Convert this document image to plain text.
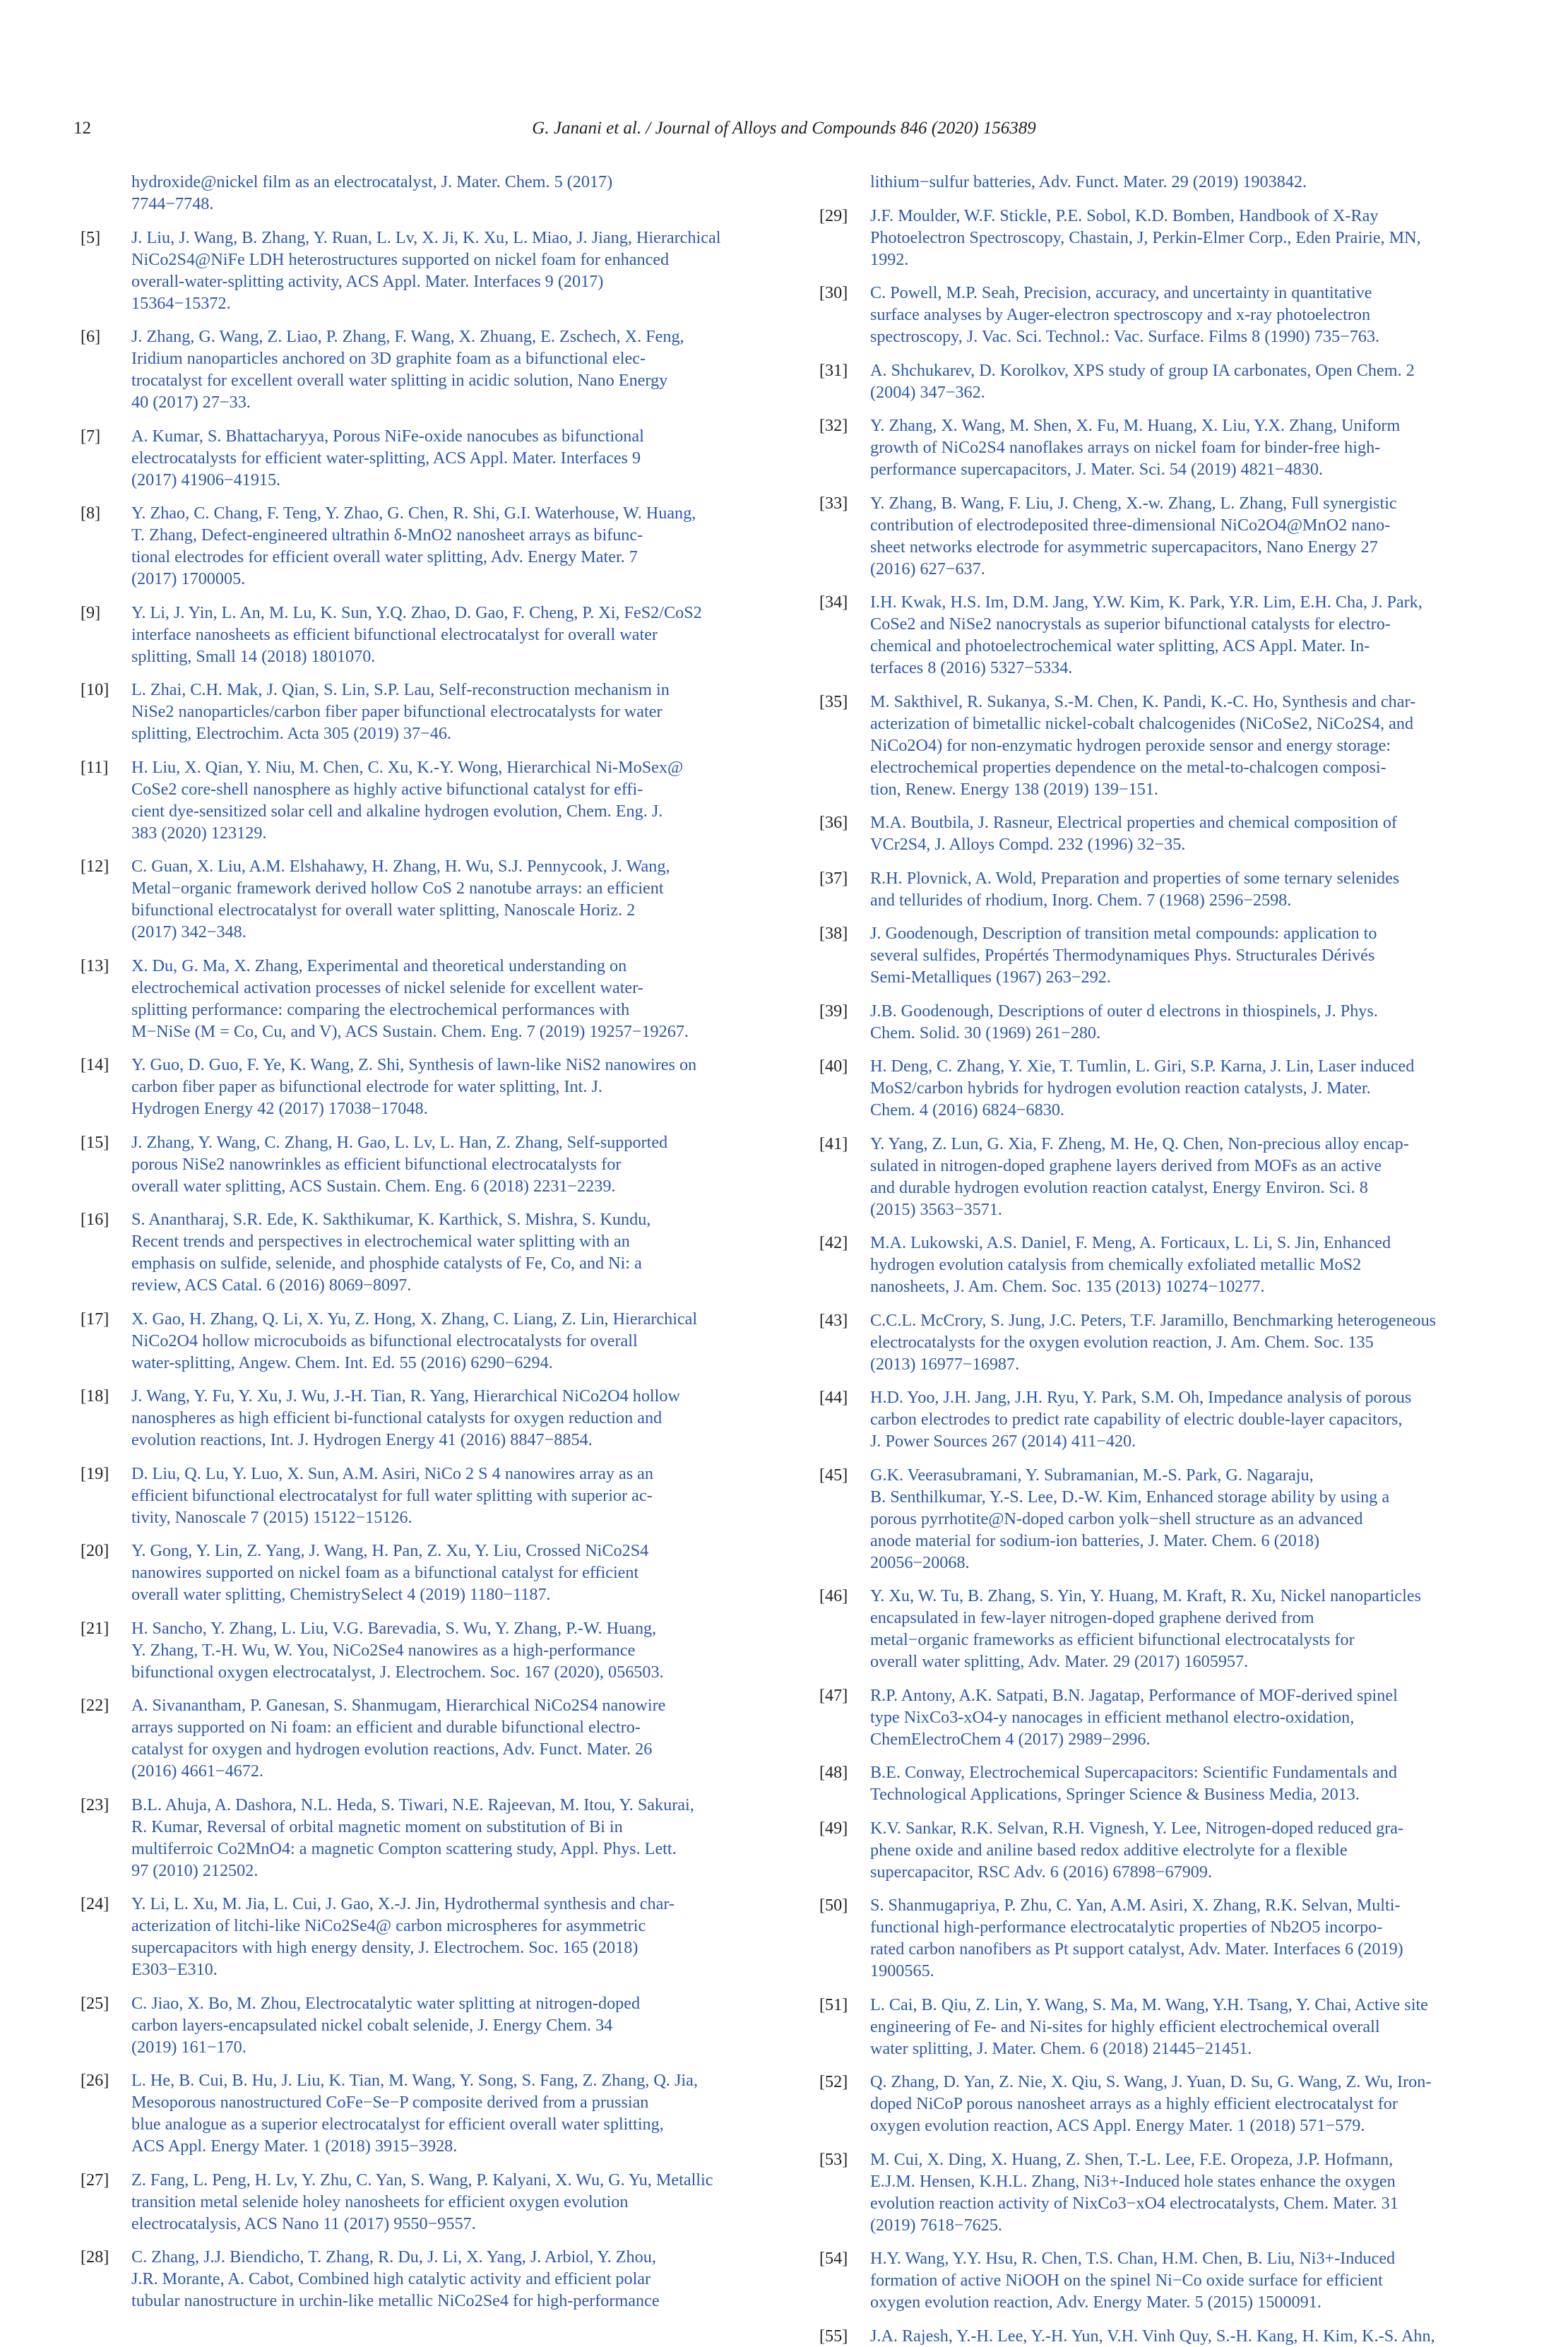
12	G. Janani et al. / Journal of Alloys and Compounds 846 (2020) 156389
hydroxide@nickel film as an electrocatalyst, J. Mater. Chem. 5 (2017)
7744−7748.
[5]	J. Liu, J. Wang, B. Zhang, Y. Ruan, L. Lv, X. Ji, K. Xu, L. Miao, J. Jiang, Hierarchical
NiCo2S4@NiFe LDH heterostructures supported on nickel foam for enhanced
overall-water-splitting activity, ACS Appl. Mater. Interfaces 9 (2017)
15364−15372.
[6]	J. Zhang, G. Wang, Z. Liao, P. Zhang, F. Wang, X. Zhuang, E. Zschech, X. Feng,
Iridium nanoparticles anchored on 3D graphite foam as a bifunctional elec-
trocatalyst for excellent overall water splitting in acidic solution, Nano Energy
40 (2017) 27−33.
[7]	A. Kumar, S. Bhattacharyya, Porous NiFe-oxide nanocubes as bifunctional
electrocatalysts for efficient water-splitting, ACS Appl. Mater. Interfaces 9
(2017) 41906−41915.
[8]	Y. Zhao, C. Chang, F. Teng, Y. Zhao, G. Chen, R. Shi, G.I. Waterhouse, W. Huang,
T. Zhang, Defect-engineered ultrathin δ-MnO2 nanosheet arrays as bifunc-
tional electrodes for efficient overall water splitting, Adv. Energy Mater. 7
(2017) 1700005.
[9]	Y. Li, J. Yin, L. An, M. Lu, K. Sun, Y.Q. Zhao, D. Gao, F. Cheng, P. Xi, FeS2/CoS2
interface nanosheets as efficient bifunctional electrocatalyst for overall water
splitting, Small 14 (2018) 1801070.
[10]	L. Zhai, C.H. Mak, J. Qian, S. Lin, S.P. Lau, Self-reconstruction mechanism in
NiSe2 nanoparticles/carbon fiber paper bifunctional electrocatalysts for water
splitting, Electrochim. Acta 305 (2019) 37−46.
[11]	H. Liu, X. Qian, Y. Niu, M. Chen, C. Xu, K.-Y. Wong, Hierarchical Ni-MoSex@
CoSe2 core-shell nanosphere as highly active bifunctional catalyst for effi-
cient dye-sensitized solar cell and alkaline hydrogen evolution, Chem. Eng. J.
383 (2020) 123129.
[12]	C. Guan, X. Liu, A.M. Elshahawy, H. Zhang, H. Wu, S.J. Pennycook, J. Wang,
Metal−organic framework derived hollow CoS 2 nanotube arrays: an efficient
bifunctional electrocatalyst for overall water splitting, Nanoscale Horiz. 2
(2017) 342−348.
[13]	X. Du, G. Ma, X. Zhang, Experimental and theoretical understanding on
electrochemical activation processes of nickel selenide for excellent water-
splitting performance: comparing the electrochemical performances with
M−NiSe (M = Co, Cu, and V), ACS Sustain. Chem. Eng. 7 (2019) 19257−19267.
[14]	Y. Guo, D. Guo, F. Ye, K. Wang, Z. Shi, Synthesis of lawn-like NiS2 nanowires on
carbon fiber paper as bifunctional electrode for water splitting, Int. J.
Hydrogen Energy 42 (2017) 17038−17048.
[15]	J. Zhang, Y. Wang, C. Zhang, H. Gao, L. Lv, L. Han, Z. Zhang, Self-supported
porous NiSe2 nanowrinkles as efficient bifunctional electrocatalysts for
overall water splitting, ACS Sustain. Chem. Eng. 6 (2018) 2231−2239.
[16]	S. Anantharaj, S.R. Ede, K. Sakthikumar, K. Karthick, S. Mishra, S. Kundu,
Recent trends and perspectives in electrochemical water splitting with an
emphasis on sulfide, selenide, and phosphide catalysts of Fe, Co, and Ni: a
review, ACS Catal. 6 (2016) 8069−8097.
[17]	X. Gao, H. Zhang, Q. Li, X. Yu, Z. Hong, X. Zhang, C. Liang, Z. Lin, Hierarchical
NiCo2O4 hollow microcuboids as bifunctional electrocatalysts for overall
water-splitting, Angew. Chem. Int. Ed. 55 (2016) 6290−6294.
[18]	J. Wang, Y. Fu, Y. Xu, J. Wu, J.-H. Tian, R. Yang, Hierarchical NiCo2O4 hollow
nanospheres as high efficient bi-functional catalysts for oxygen reduction and
evolution reactions, Int. J. Hydrogen Energy 41 (2016) 8847−8854.
[19]	D. Liu, Q. Lu, Y. Luo, X. Sun, A.M. Asiri, NiCo 2 S 4 nanowires array as an
efficient bifunctional electrocatalyst for full water splitting with superior ac-
tivity, Nanoscale 7 (2015) 15122−15126.
[20]	Y. Gong, Y. Lin, Z. Yang, J. Wang, H. Pan, Z. Xu, Y. Liu, Crossed NiCo2S4
nanowires supported on nickel foam as a bifunctional catalyst for efficient
overall water splitting, ChemistrySelect 4 (2019) 1180−1187.
[21]	H. Sancho, Y. Zhang, L. Liu, V.G. Barevadia, S. Wu, Y. Zhang, P.-W. Huang,
Y. Zhang, T.-H. Wu, W. You, NiCo2Se4 nanowires as a high-performance
bifunctional oxygen electrocatalyst, J. Electrochem. Soc. 167 (2020), 056503.
[22]	A. Sivanantham, P. Ganesan, S. Shanmugam, Hierarchical NiCo2S4 nanowire
arrays supported on Ni foam: an efficient and durable bifunctional electro-
catalyst for oxygen and hydrogen evolution reactions, Adv. Funct. Mater. 26
(2016) 4661−4672.
[23]	B.L. Ahuja, A. Dashora, N.L. Heda, S. Tiwari, N.E. Rajeevan, M. Itou, Y. Sakurai,
R. Kumar, Reversal of orbital magnetic moment on substitution of Bi in
multiferroic Co2MnO4: a magnetic Compton scattering study, Appl. Phys. Lett.
97 (2010) 212502.
[24]	Y. Li, L. Xu, M. Jia, L. Cui, J. Gao, X.-J. Jin, Hydrothermal synthesis and char-
acterization of litchi-like NiCo2Se4@ carbon microspheres for asymmetric
supercapacitors with high energy density, J. Electrochem. Soc. 165 (2018)
E303−E310.
[25]	C. Jiao, X. Bo, M. Zhou, Electrocatalytic water splitting at nitrogen-doped
carbon layers-encapsulated nickel cobalt selenide, J. Energy Chem. 34
(2019) 161−170.
[26]	L. He, B. Cui, B. Hu, J. Liu, K. Tian, M. Wang, Y. Song, S. Fang, Z. Zhang, Q. Jia,
Mesoporous nanostructured CoFe−Se−P composite derived from a prussian
blue analogue as a superior electrocatalyst for efficient overall water splitting,
ACS Appl. Energy Mater. 1 (2018) 3915−3928.
[27]	Z. Fang, L. Peng, H. Lv, Y. Zhu, C. Yan, S. Wang, P. Kalyani, X. Wu, G. Yu, Metallic
transition metal selenide holey nanosheets for efficient oxygen evolution
electrocatalysis, ACS Nano 11 (2017) 9550−9557.
[28]	C. Zhang, J.J. Biendicho, T. Zhang, R. Du, J. Li, X. Yang, J. Arbiol, Y. Zhou,
J.R. Morante, A. Cabot, Combined high catalytic activity and efficient polar
tubular nanostructure in urchin-like metallic NiCo2Se4 for high-performance
lithium−sulfur batteries, Adv. Funct. Mater. 29 (2019) 1903842.
[29]	J.F. Moulder, W.F. Stickle, P.E. Sobol, K.D. Bomben, Handbook of X-Ray
Photoelectron Spectroscopy, Chastain, J, Perkin-Elmer Corp., Eden Prairie, MN,
1992.
[30]	C. Powell, M.P. Seah, Precision, accuracy, and uncertainty in quantitative
surface analyses by Auger-electron spectroscopy and x-ray photoelectron
spectroscopy, J. Vac. Sci. Technol.: Vac. Surface. Films 8 (1990) 735−763.
[31]	A. Shchukarev, D. Korolkov, XPS study of group IA carbonates, Open Chem. 2
(2004) 347−362.
[32]	Y. Zhang, X. Wang, M. Shen, X. Fu, M. Huang, X. Liu, Y.X. Zhang, Uniform
growth of NiCo2S4 nanoflakes arrays on nickel foam for binder-free high-
performance supercapacitors, J. Mater. Sci. 54 (2019) 4821−4830.
[33]	Y. Zhang, B. Wang, F. Liu, J. Cheng, X.-w. Zhang, L. Zhang, Full synergistic
contribution of electrodeposited three-dimensional NiCo2O4@MnO2 nano-
sheet networks electrode for asymmetric supercapacitors, Nano Energy 27
(2016) 627−637.
[34]	I.H. Kwak, H.S. Im, D.M. Jang, Y.W. Kim, K. Park, Y.R. Lim, E.H. Cha, J. Park,
CoSe2 and NiSe2 nanocrystals as superior bifunctional catalysts for electro-
chemical and photoelectrochemical water splitting, ACS Appl. Mater. In-
terfaces 8 (2016) 5327−5334.
[35]	M. Sakthivel, R. Sukanya, S.-M. Chen, K. Pandi, K.-C. Ho, Synthesis and char-
acterization of bimetallic nickel-cobalt chalcogenides (NiCoSe2, NiCo2S4, and
NiCo2O4) for non-enzymatic hydrogen peroxide sensor and energy storage:
electrochemical properties dependence on the metal-to-chalcogen composi-
tion, Renew. Energy 138 (2019) 139−151.
[36]	M.A. Boutbila, J. Rasneur, Electrical properties and chemical composition of
VCr2S4, J. Alloys Compd. 232 (1996) 32−35.
[37]	R.H. Plovnick, A. Wold, Preparation and properties of some ternary selenides
and tellurides of rhodium, Inorg. Chem. 7 (1968) 2596−2598.
[38]	J. Goodenough, Description of transition metal compounds: application to
several sulfides, Propértés Thermodynamiques Phys. Structurales Dérivés
Semi-Metalliques (1967) 263−292.
[39]	J.B. Goodenough, Descriptions of outer d electrons in thiospinels, J. Phys.
Chem. Solid. 30 (1969) 261−280.
[40]	H. Deng, C. Zhang, Y. Xie, T. Tumlin, L. Giri, S.P. Karna, J. Lin, Laser induced
MoS2/carbon hybrids for hydrogen evolution reaction catalysts, J. Mater.
Chem. 4 (2016) 6824−6830.
[41]	Y. Yang, Z. Lun, G. Xia, F. Zheng, M. He, Q. Chen, Non-precious alloy encap-
sulated in nitrogen-doped graphene layers derived from MOFs as an active
and durable hydrogen evolution reaction catalyst, Energy Environ. Sci. 8
(2015) 3563−3571.
[42]	M.A. Lukowski, A.S. Daniel, F. Meng, A. Forticaux, L. Li, S. Jin, Enhanced
hydrogen evolution catalysis from chemically exfoliated metallic MoS2
nanosheets, J. Am. Chem. Soc. 135 (2013) 10274−10277.
[43]	C.C.L. McCrory, S. Jung, J.C. Peters, T.F. Jaramillo, Benchmarking heterogeneous
electrocatalysts for the oxygen evolution reaction, J. Am. Chem. Soc. 135
(2013) 16977−16987.
[44]	H.D. Yoo, J.H. Jang, J.H. Ryu, Y. Park, S.M. Oh, Impedance analysis of porous
carbon electrodes to predict rate capability of electric double-layer capacitors,
J. Power Sources 267 (2014) 411−420.
[45]	G.K. Veerasubramani, Y. Subramanian, M.-S. Park, G. Nagaraju,
B. Senthilkumar, Y.-S. Lee, D.-W. Kim, Enhanced storage ability by using a
porous pyrrhotite@N-doped carbon yolk−shell structure as an advanced
anode material for sodium-ion batteries, J. Mater. Chem. 6 (2018)
20056−20068.
[46]	Y. Xu, W. Tu, B. Zhang, S. Yin, Y. Huang, M. Kraft, R. Xu, Nickel nanoparticles
encapsulated in few-layer nitrogen-doped graphene derived from
metal−organic frameworks as efficient bifunctional electrocatalysts for
overall water splitting, Adv. Mater. 29 (2017) 1605957.
[47]	R.P. Antony, A.K. Satpati, B.N. Jagatap, Performance of MOF-derived spinel
type NixCo3-xO4-y nanocages in efficient methanol electro-oxidation,
ChemElectroChem 4 (2017) 2989−2996.
[48]	B.E. Conway, Electrochemical Supercapacitors: Scientific Fundamentals and
Technological Applications, Springer Science & Business Media, 2013.
[49]	K.V. Sankar, R.K. Selvan, R.H. Vignesh, Y. Lee, Nitrogen-doped reduced gra-
phene oxide and aniline based redox additive electrolyte for a flexible
supercapacitor, RSC Adv. 6 (2016) 67898−67909.
[50]	S. Shanmugapriya, P. Zhu, C. Yan, A.M. Asiri, X. Zhang, R.K. Selvan, Multi-
functional high-performance electrocatalytic properties of Nb2O5 incorpo-
rated carbon nanofibers as Pt support catalyst, Adv. Mater. Interfaces 6 (2019)
1900565.
[51]	L. Cai, B. Qiu, Z. Lin, Y. Wang, S. Ma, M. Wang, Y.H. Tsang, Y. Chai, Active site
engineering of Fe- and Ni-sites for highly efficient electrochemical overall
water splitting, J. Mater. Chem. 6 (2018) 21445−21451.
[52]	Q. Zhang, D. Yan, Z. Nie, X. Qiu, S. Wang, J. Yuan, D. Su, G. Wang, Z. Wu, Iron-
doped NiCoP porous nanosheet arrays as a highly efficient electrocatalyst for
oxygen evolution reaction, ACS Appl. Energy Mater. 1 (2018) 571−579.
[53]	M. Cui, X. Ding, X. Huang, Z. Shen, T.-L. Lee, F.E. Oropeza, J.P. Hofmann,
E.J.M. Hensen, K.H.L. Zhang, Ni3+-Induced hole states enhance the oxygen
evolution reaction activity of NixCo3−xO4 electrocatalysts, Chem. Mater. 31
(2019) 7618−7625.
[54]	H.Y. Wang, Y.Y. Hsu, R. Chen, T.S. Chan, H.M. Chen, B. Liu, Ni3+-Induced
formation of active NiOOH on the spinel Ni−Co oxide surface for efficient
oxygen evolution reaction, Adv. Energy Mater. 5 (2015) 1500091.
[55]	J.A. Rajesh, Y.-H. Lee, Y.-H. Yun, V.H. Vinh Quy, S.-H. Kang, H. Kim, K.-S. Ahn,
